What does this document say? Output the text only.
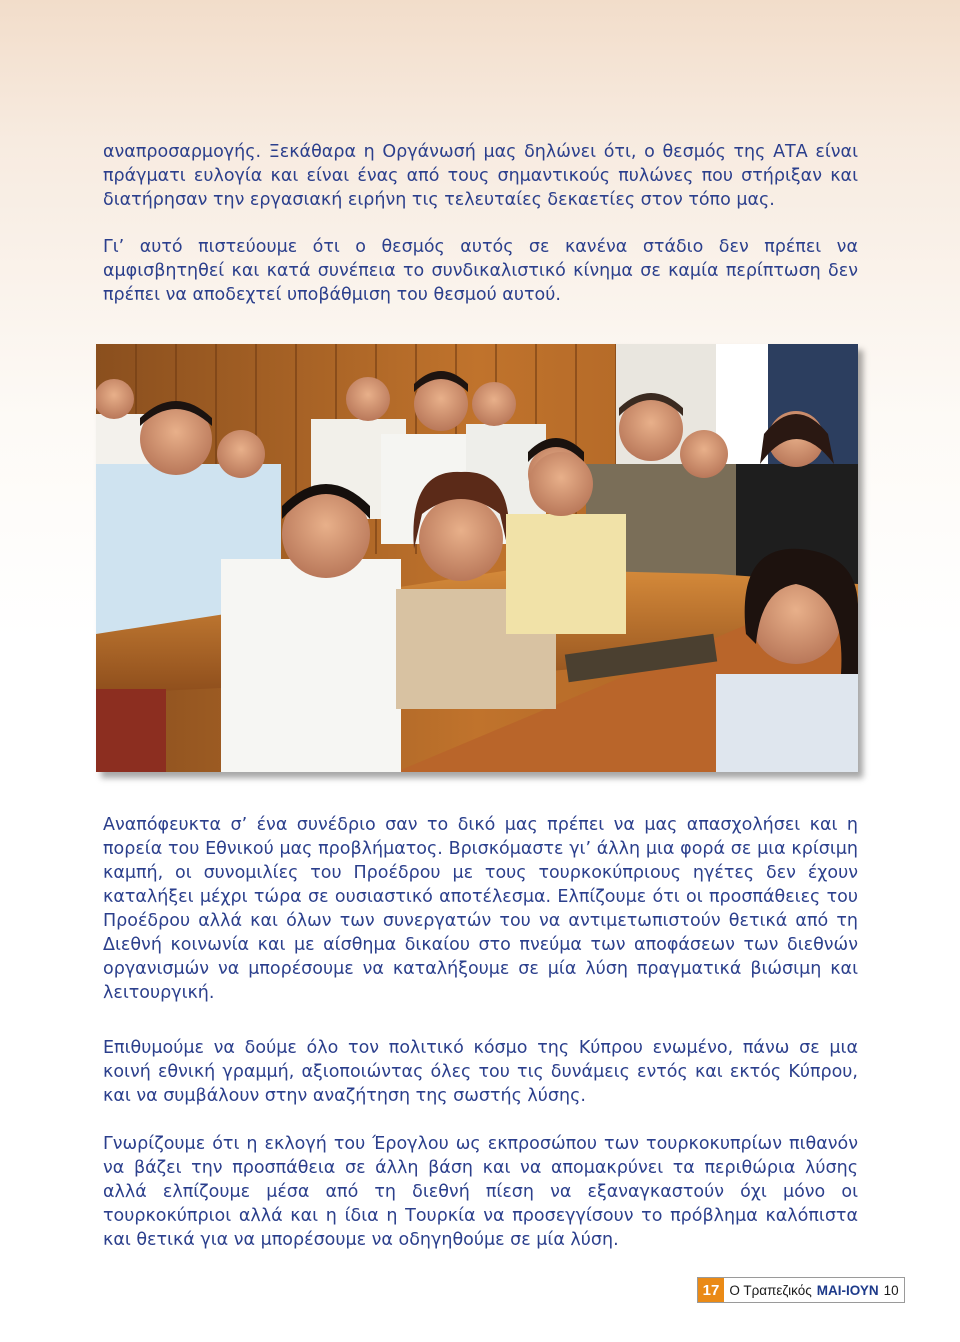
αναπροσαρμογής. Ξεκάθαρα η Οργάνωσή μας δηλώνει ότι, ο θεσμός της ΑΤΑ είναι πράγματι ευλογία και είναι ένας από τους σημαντικούς πυλώνες που στήριξαν και διατήρησαν την εργασιακή ειρήνη τις τελευταίες δεκαετίες στον τόπο μας.

Γι’ αυτό πιστεύουμε ότι ο θεσμός αυτός σε κανένα στάδιο δεν πρέπει να αμφισβητηθεί και κατά συνέπεια το συνδικαλιστικό κίνημα σε καμία περίπτωση δεν πρέπει να αποδεχτεί υποβάθμιση του θεσμού αυτού.

Αναπόφευκτα σ’ ένα συνέδριο σαν το δικό μας πρέπει να μας απασχολήσει και η πορεία του Εθνικού μας προβλήματος. Βρισκόμαστε γι’ άλλη μια φορά σε μια κρίσιμη καμπή, οι συνομιλίες του Προέδρου με τους τουρκοκύπριους ηγέτες δεν έχουν καταλήξει μέχρι τώρα σε ουσιαστικό αποτέλεσμα. Ελπίζουμε ότι οι προσπάθειες του Προέδρου αλλά και όλων των συνεργατών του να αντιμετωπιστούν θετικά από τη Διεθνή κοινωνία και με αίσθημα δικαίου στο πνεύμα των αποφάσεων των διεθνών οργανισμών να μπορέσουμε να καταλήξουμε σε μία λύση πραγματικά βιώσιμη και λειτουργική.

Επιθυμούμε να δούμε όλο τον πολιτικό κόσμο της Κύπρου ενωμένο, πάνω σε μια κοινή εθνική γραμμή, αξιοποιώντας όλες του τις δυνάμεις εντός και εκτός Κύπρου, και να συμβάλουν στην αναζήτηση της σωστής λύσης.

Γνωρίζουμε ότι η εκλογή του Έρογλου ως εκπροσώπου των τουρκοκυπρίων πιθανόν να βάζει την προσπάθεια σε άλλη βάση και να απομακρύνει τα περιθώρια λύσης αλλά ελπίζουμε μέσα από τη διεθνή πίεση να εξαναγκαστούν όχι μόνο οι τουρκοκύπριοι αλλά και η ίδια η Τουρκία να προσεγγίσουν το πρόβλημα καλόπιστα και θετικά για να μπορέσουμε να οδηγηθούμε σε μία λύση.

17 Ο Τραπεζικός ΜΑΙ-ΙΟΥΝ 10
